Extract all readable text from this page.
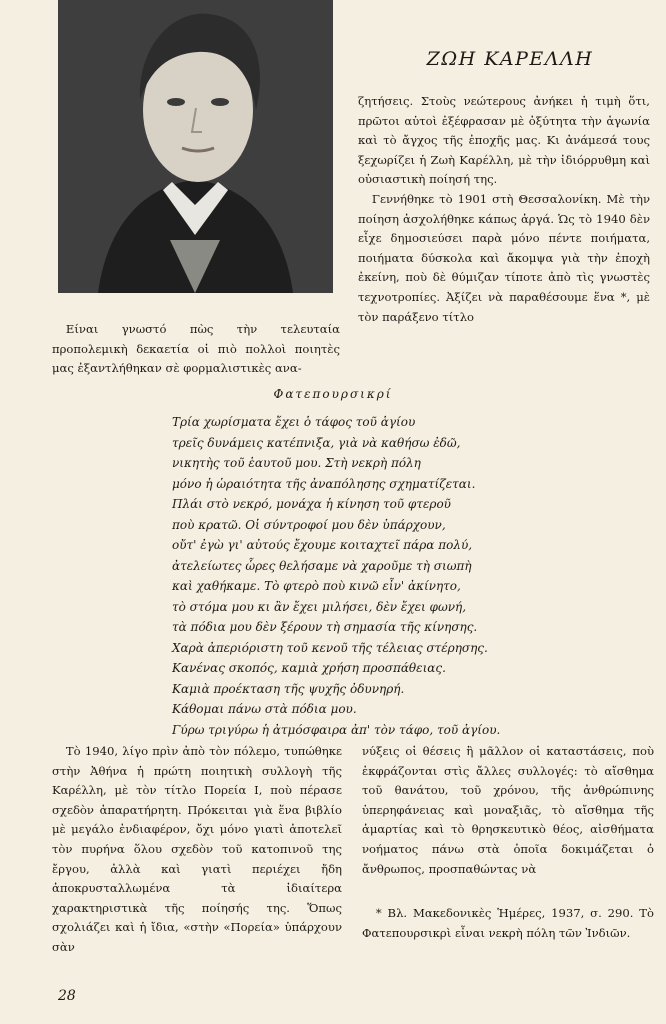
ΖΩΗ ΚΑΡΕΛΛΗ

ζητήσεις. Στοὺς νεώτερους ἀνήκει ἡ τιμὴ ὅτι, πρῶτοι αὐτοὶ ἐξέφρασαν μὲ ὀξύτητα τὴν ἀγωνία καὶ τὸ ἄγχος τῆς ἐποχῆς μας. Κι ἀνάμεσά τους ξεχωρίζει ἡ Ζωὴ Καρέλλη, μὲ τὴν ἰδιόρρυθμη καὶ οὐσιαστικὴ ποίησή της.

Γεννήθηκε τὸ 1901 στὴ Θεσσαλονίκη. Μὲ τὴν ποίηση ἀσχολήθηκε κάπως ἀργά. Ὡς τὸ 1940 δὲν εἶχε δημοσιεύσει παρὰ μόνο πέντε ποιήματα, ποιήματα δύσκολα καὶ ἄκομψα γιὰ τὴν ἐποχὴ ἐκείνη, ποὺ δὲ θύμιζαν τίποτε ἀπὸ τὶς γνωστὲς τεχνοτροπίες. Ἀξίζει νὰ παραθέσουμε ἕνα *, μὲ τὸν παράξενο τίτλο

Είναι γνωστό πὼς τὴν τελευταία προπολεμικὴ δεκαετία οἱ πιὸ πολλοὶ ποιητὲς μας ἐξαντλήθηκαν σὲ φορμαλιστικὲς ανα-

Φατεπουρσικρί
Τρία χωρίσματα ἔχει ὁ τάφος τοῦ ἁγίου
τρεῖς δυνάμεις κατέπνιξα, γιὰ νὰ καθήσω ἐδῶ,
νικητὴς τοῦ ἑαυτοῦ μου. Στὴ νεκρὴ πόλη
μόνο ἡ ὡραιότητα τῆς ἀναπόλησης σχηματίζεται.
Πλάι στὸ νεκρό, μονάχα ἡ κίνηση τοῦ φτεροῦ
ποὺ κρατῶ. Οἱ σύντροφοί μου δὲν ὑπάρχουν,
οὔτ' ἐγὼ γι' αὐτούς ἔχουμε κοιταχτεῖ πάρα πολύ,
ἀτελείωτες ὧρες θελήσαμε νὰ χαροῦμε τὴ σιωπὴ
καὶ χαθήκαμε. Τὸ φτερὸ ποὺ κινῶ εἶν' ἀκίνητο,
τὸ στόμα μου κι ἂν ἔχει μιλήσει, δὲν ἔχει φωνή,
τὰ πόδια μου δὲν ξέρουν τὴ σημασία τῆς κίνησης.
Χαρὰ ἀπεριόριστη τοῦ κενοῦ τῆς τέλειας στέρησης.
Κανένας σκοπός, καμιὰ χρήση προσπάθειας.
Καμιὰ προέκταση τῆς ψυχῆς ὀδυνηρή.
Κάθομαι πάνω στὰ πόδια μου.
Γύρω τριγύρω ἡ ἀτμόσφαιρα ἀπ' τὸν τάφο, τοῦ ἁγίου.

Τὸ 1940, λίγο πρὶν ἀπὸ τὸν πόλεμο, τυπώθηκε στὴν Ἀθήνα ἡ πρώτη ποιητικὴ συλλογὴ τῆς Καρέλλη, μὲ τὸν τίτλο Πορεία Ι, ποὺ πέρασε σχεδὸν ἀπαρατήρητη. Πρόκειται γιὰ ἕνα βιβλίο μὲ μεγάλο ἐνδιαφέρον, ὄχι μόνο γιατὶ ἀποτελεῖ τὸν πυρήνα ὅλου σχεδὸν τοῦ κατοπινοῦ της ἔργου, ἀλλὰ καὶ γιατὶ περιέχει ἤδη ἀποκρυσταλλωμένα τὰ ἰδιαίτερα χαρακτηριστικὰ τῆς ποίησής της. Ὅπως σχολιάζει καὶ ἡ ἴδια, «στὴν «Πορεία» ὑπάρχουν σὰν

νύξεις οἱ θέσεις ἢ μᾶλλον οἱ καταστάσεις, ποὺ ἐκφράζονται στὶς ἄλλες συλλογές: τὸ αἴσθημα τοῦ θανάτου, τοῦ χρόνου, τῆς ἀνθρώπινης ὑπερηφάνειας καὶ μοναξιᾶς, τὸ αἴσθημα τῆς ἁμαρτίας καὶ τὸ θρησκευτικὸ θέος, αἰσθήματα νοήματος πάνω στὰ ὁποῖα δοκιμάζεται ὁ ἄνθρωπος, προσπαθώντας νὰ

* Βλ. Μακεδονικὲς Ἡμέρες, 1937, σ. 290. Τὸ Φατεπουρσικρὶ εἶναι νεκρὴ πόλη τῶν Ἰνδιῶν.

28
